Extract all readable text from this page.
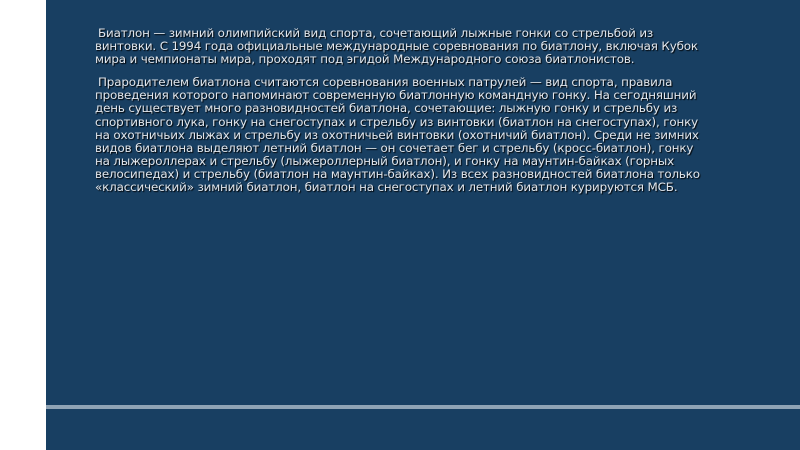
Биатлон — зимний олимпийский вид спорта, сочетающий лыжные гонки со стрельбой из винтовки. С 1994 года официальные международные соревнования по биатлону, включая Кубок мира и чемпионаты мира, проходят под эгидой Международного союза биатлонистов.

Прародителем биатлона считаются соревнования военных патрулей — вид спорта, правила проведения которого напоминают современную биатлонную командную гонку. На сегодняшний день существует много разновидностей биатлона, сочетающие: лыжную гонку и стрельбу из спортивного лука, гонку на снегоступах и стрельбу из винтовки (биатлон на снегоступах), гонку на охотничьих лыжах и стрельбу из охотничьей винтовки (охотничий биатлон). Среди не зимних видов биатлона выделяют летний биатлон — он сочетает бег и стрельбу (кросс-биатлон), гонку на лыжероллерах и стрельбу (лыжероллерный биатлон), и гонку на маунтин-байках (горных велосипедах) и стрельбу (биатлон на маунтин-байках). Из всех разновидностей биатлона только «классический» зимний биатлон, биатлон на снегоступах и летний биатлон курируются МСБ.
